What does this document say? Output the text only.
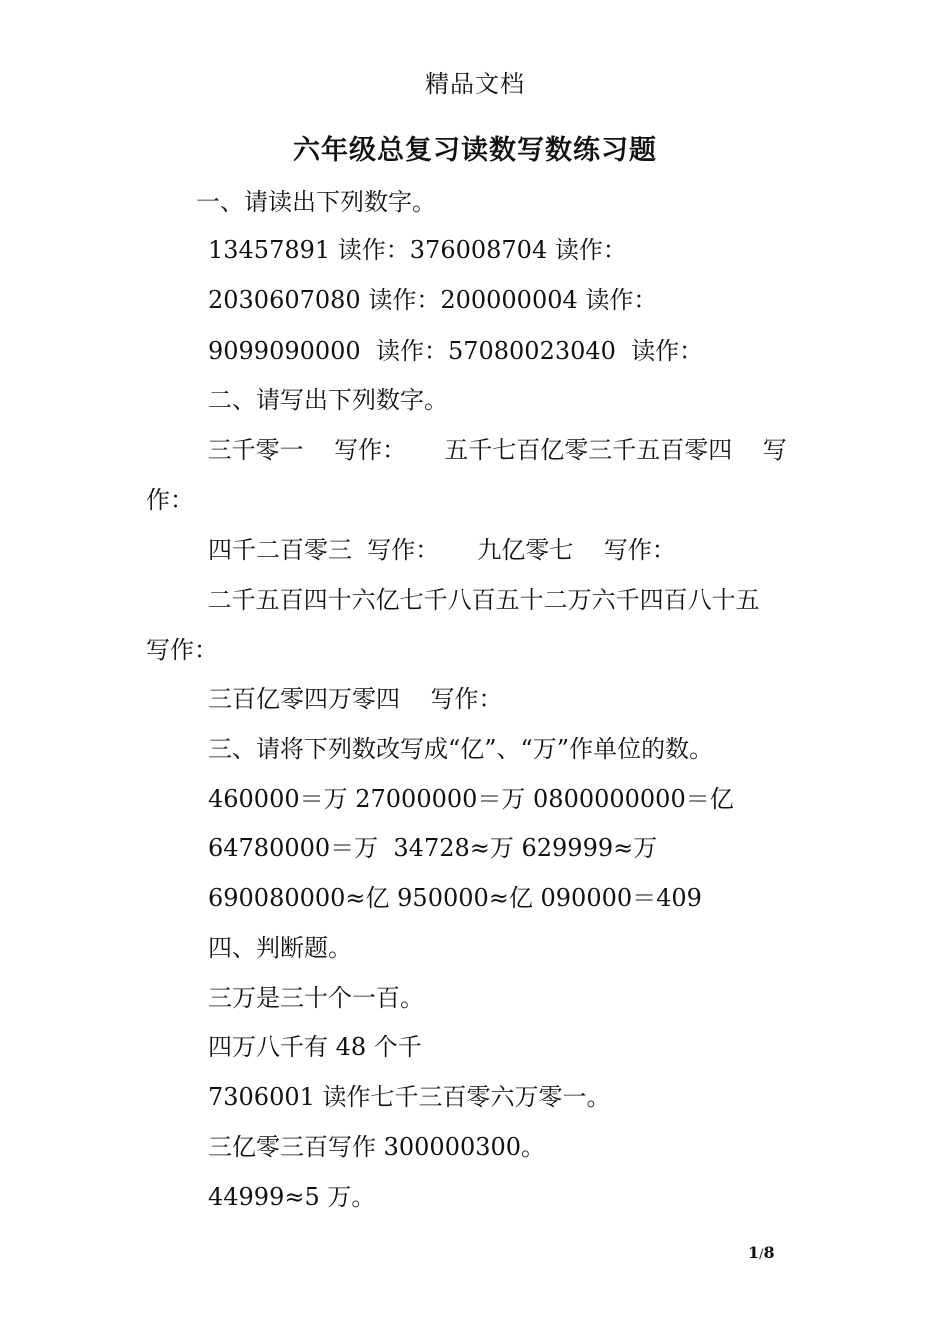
精品文档
六年级总复习读数写数练习题
一、请读出下列数字。
13457891 读作：376008704 读作：
2030607080 读作：200000004 读作：
9099090000  读作：57080023040  读作：
二、请写出下列数字。
三千零一    写作：     五千七百亿零三千五百零四    写
作：
四千二百零三  写作：     九亿零七    写作：
二千五百四十六亿七千八百五十二万六千四百八十五
写作：
三百亿零四万零四    写作：
三、请将下列数改写成“亿”、“万”作单位的数。
460000＝万 27000000＝万 0800000000＝亿
64780000＝万  34728≈万 629999≈万
690080000≈亿 950000≈亿 090000＝409
四、判断题。
三万是三十个一百。
四万八千有 48 个千
7306001 读作七千三百零六万零一。
三亿零三百写作 300000300。
44999≈5 万。
1/8
